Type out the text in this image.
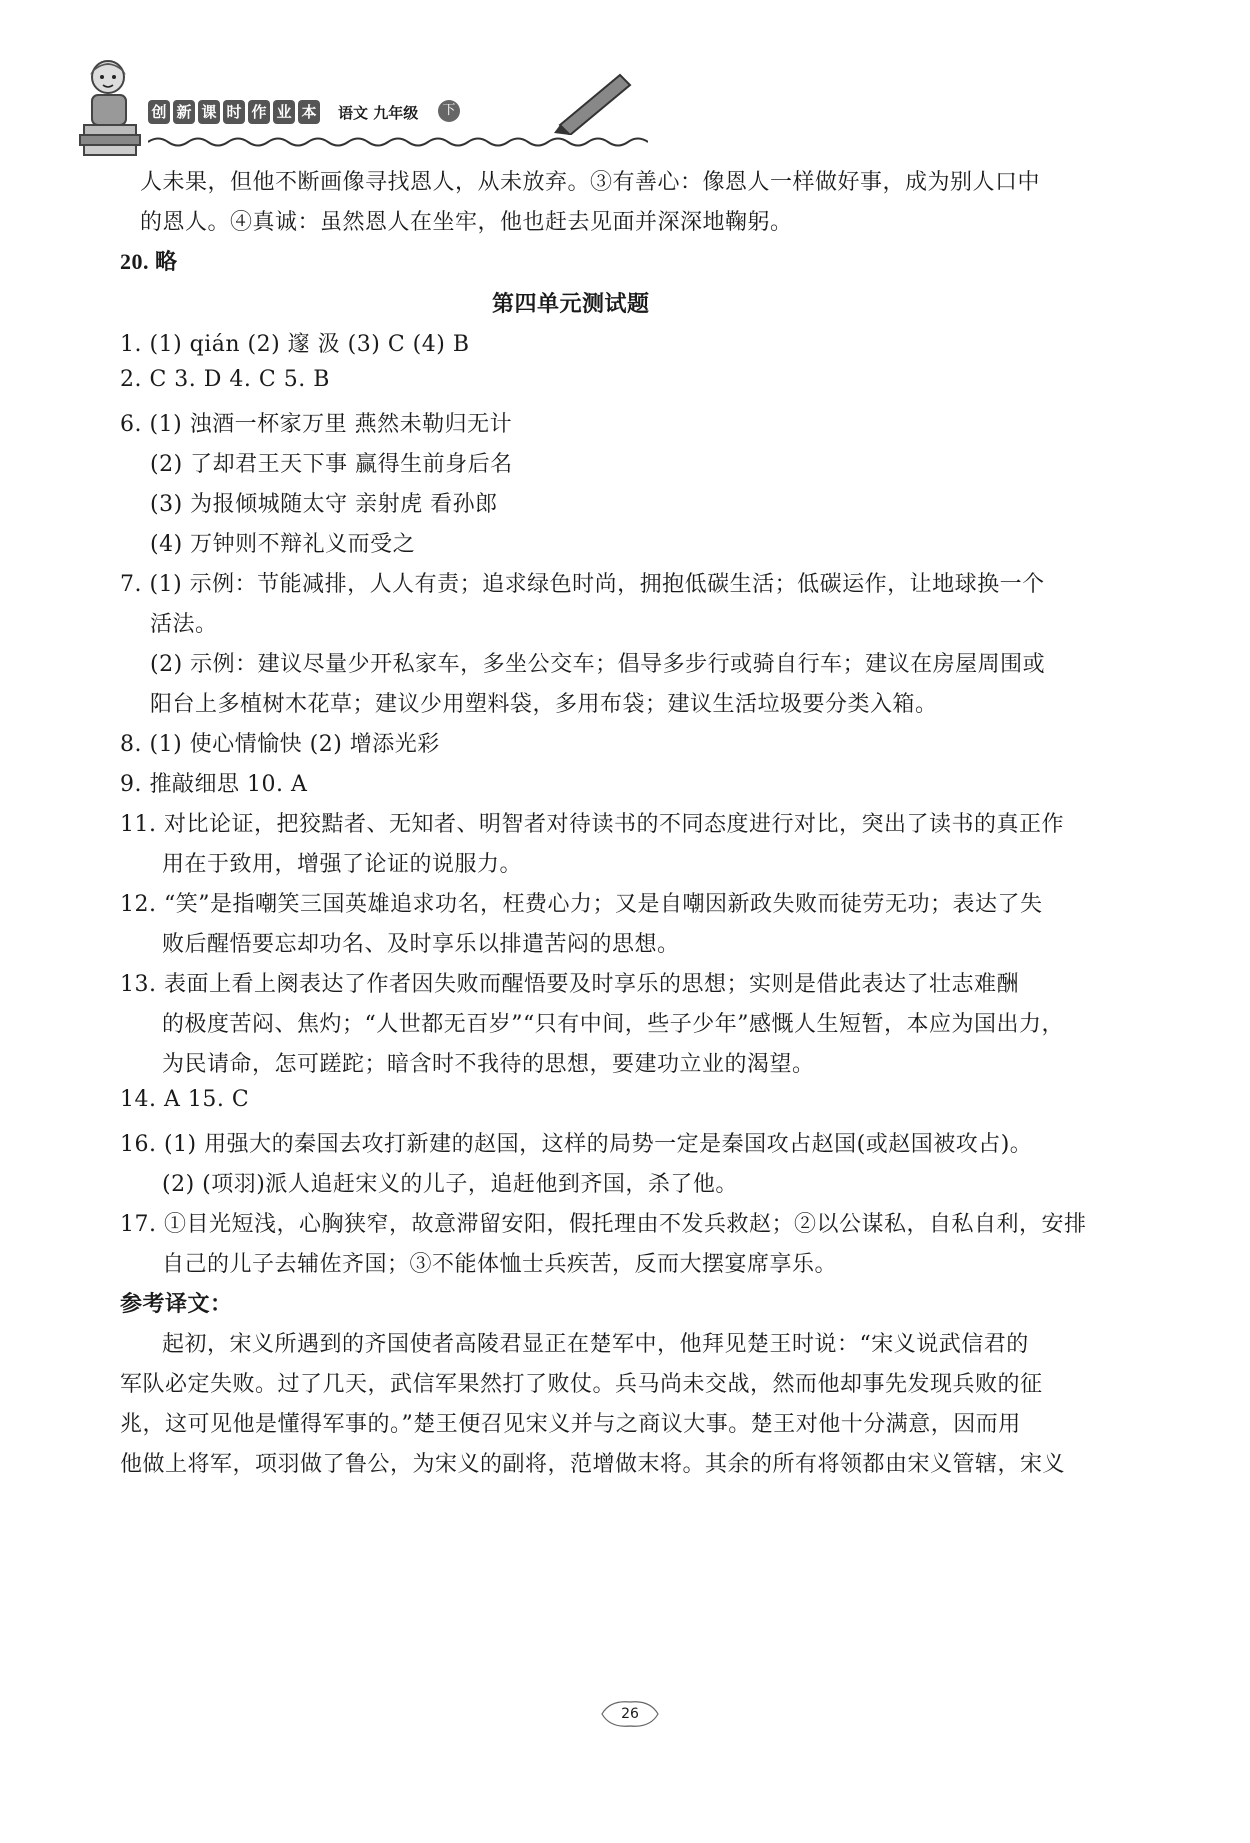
创 新 课 时 作 业 本 语文 九年级	下
人未果，但他不断画像寻找恩人，从未放弃。③有善心：像恩人一样做好事，成为别人口中
的恩人。④真诚：虽然恩人在坐牢，他也赶去见面并深深地鞠躬。
20. 略
第四单元测试题
1. (1) qián (2) 邃 汲 (3) C (4) B
2. C 3. D 4. C 5. B
6. (1) 浊酒一杯家万里 燕然未勒归无计
(2) 了却君王天下事 赢得生前身后名
(3) 为报倾城随太守 亲射虎 看孙郎
(4) 万钟则不辩礼义而受之
7. (1) 示例：节能减排，人人有责；追求绿色时尚，拥抱低碳生活；低碳运作，让地球换一个
活法。
(2) 示例：建议尽量少开私家车，多坐公交车；倡导多步行或骑自行车；建议在房屋周围或
阳台上多植树木花草；建议少用塑料袋，多用布袋；建议生活垃圾要分类入箱。
8. (1) 使心情愉快 (2) 增添光彩
9. 推敲细思 10. A
11. 对比论证，把狡黠者、无知者、明智者对待读书的不同态度进行对比，突出了读书的真正作
用在于致用，增强了论证的说服力。
12. “笑”是指嘲笑三国英雄追求功名，枉费心力；又是自嘲因新政失败而徒劳无功；表达了失
败后醒悟要忘却功名、及时享乐以排遣苦闷的思想。
13. 表面上看上阕表达了作者因失败而醒悟要及时享乐的思想；实则是借此表达了壮志难酬
的极度苦闷、焦灼；“人世都无百岁”“只有中间，些子少年”感慨人生短暂，本应为国出力，
为民请命，怎可蹉跎；暗含时不我待的思想，要建功立业的渴望。
14. A 15. C
16. (1) 用强大的秦国去攻打新建的赵国，这样的局势一定是秦国攻占赵国(或赵国被攻占)。
(2) (项羽)派人追赶宋义的儿子，追赶他到齐国，杀了他。
17. ①目光短浅，心胸狭窄，故意滞留安阳，假托理由不发兵救赵；②以公谋私，自私自利，安排
自己的儿子去辅佐齐国；③不能体恤士兵疾苦，反而大摆宴席享乐。
参考译文：
起初，宋义所遇到的齐国使者高陵君显正在楚军中，他拜见楚王时说：“宋义说武信君的
军队必定失败。过了几天，武信军果然打了败仗。兵马尚未交战，然而他却事先发现兵败的征
兆，这可见他是懂得军事的。”楚王便召见宋义并与之商议大事。楚王对他十分满意，因而用
他做上将军，项羽做了鲁公，为宋义的副将，范增做末将。其余的所有将领都由宋义管辖，宋义
26
